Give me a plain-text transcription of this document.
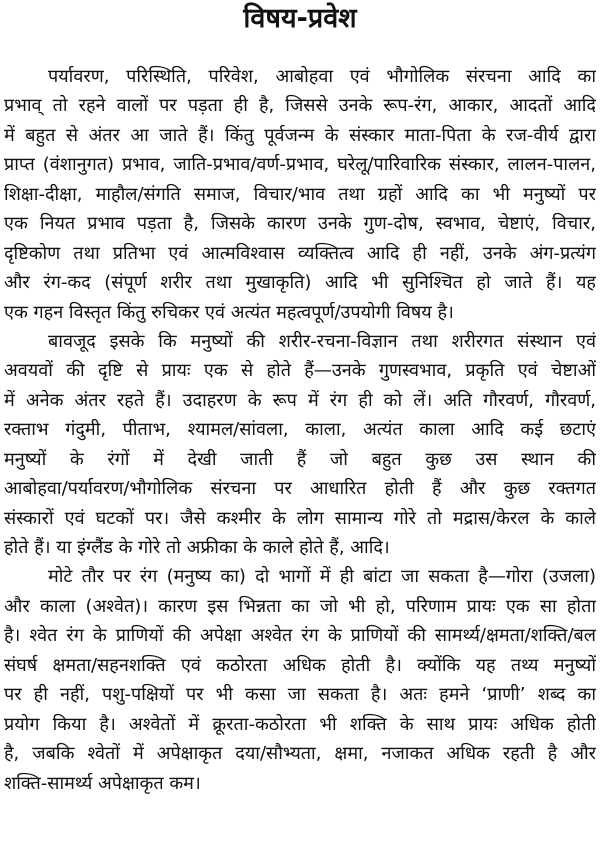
विषय-प्रवेश
पर्यावरण, परिस्थिति, परिवेश, आबोहवा एवं भौगोलिक संरचना आदि का
प्रभाव् तो रहने वालों पर पड़ता ही है, जिससे उनके रूप-रंग, आकार, आदतों आदि
में बहुत से अंतर आ जाते हैं। किंतु पूर्वजन्म के संस्कार माता-पिता के रज-वीर्य द्वारा
प्राप्त (वंशानुगत) प्रभाव, जाति-प्रभाव/वर्ण-प्रभाव, घरेलू/पारिवारिक संस्कार, लालन-पालन,
शिक्षा-दीक्षा, माहौल/संगति समाज, विचार/भाव तथा ग्रहों आदि का भी मनुष्यों पर
एक नियत प्रभाव पड़ता है, जिसके कारण उनके गुण-दोष, स्वभाव, चेष्टाएं, विचार,
दृष्टिकोण तथा प्रतिभा एवं आत्मविश्वास व्यक्तित्व आदि ही नहीं, उनके अंग-प्रत्यंग
और रंग-कद (संपूर्ण शरीर तथा मुखाकृति) आदि भी सुनिश्चित हो जाते हैं। यह
एक गहन विस्तृत किंतु रुचिकर एवं अत्यंत महत्वपूर्ण/उपयोगी विषय है।
बावजूद इसके कि मनुष्यों की शरीर-रचना-विज्ञान तथा शरीरगत संस्थान एवं
अवयवों की दृष्टि से प्रायः एक से होते हैं—उनके गुणस्वभाव, प्रकृति एवं चेष्टाओं
में अनेक अंतर रहते हैं। उदाहरण के रूप में रंग ही को लें। अति गौरवर्ण, गौरवर्ण,
रक्ताभ गंदुमी, पीताभ, श्यामल/सांवला, काला, अत्यंत काला आदि कई छटाएं
मनुष्यों के रंगों में देखी जाती हैं जो बहुत कुछ उस स्थान की
आबोहवा/पर्यावरण/भौगोलिक संरचना पर आधारित होती हैं और कुछ रक्तगत
संस्कारों एवं घटकों पर। जैसे कश्मीर के लोग सामान्य गोरे तो मद्रास/केरल के काले
होते हैं। या इंग्लैंड के गोरे तो अफ्रीका के काले होते हैं, आदि।
मोटे तौर पर रंग (मनुष्य का) दो भागों में ही बांटा जा सकता है—गोरा (उजला)
और काला (अश्वेत)। कारण इस भिन्नता का जो भी हो, परिणाम प्रायः एक सा होता
है। श्वेत रंग के प्राणियों की अपेक्षा अश्वेत रंग के प्राणियों की सामर्थ्य/क्षमता/शक्ति/बल
संघर्ष क्षमता/सहनशक्ति एवं कठोरता अधिक होती है। क्योंकि यह तथ्य मनुष्यों
पर ही नहीं, पशु-पक्षियों पर भी कसा जा सकता है। अतः हमने ‘प्राणी’ शब्द का
प्रयोग किया है। अश्वेतों में क्रूरता-कठोरता भी शक्ति के साथ प्रायः अधिक होती
है, जबकि श्वेतों में अपेक्षाकृत दया/सौभ्यता, क्षमा, नजाकत अधिक रहती है और
शक्ति-सामर्थ्य अपेक्षाकृत कम।
